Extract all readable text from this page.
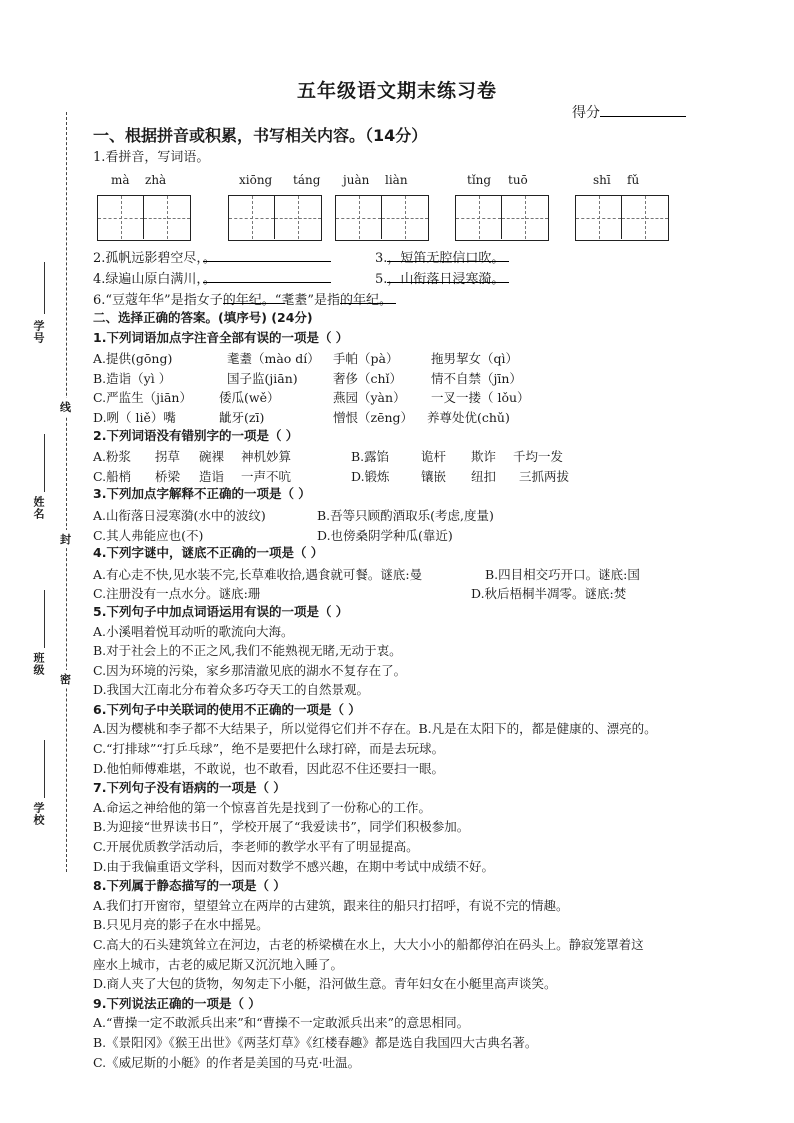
线
封
密
学号
姓名
班级
学校
五年级语文期末练习卷
得分
一、根据拼音或积累，书写相关内容。（14分）
1.看拼音，写词语。
mà zhà	xiōng táng juàn liàn	tǐng tuō	shī fǔ
2.孤帆远影碧空尽，
。	3.
，短笛无腔信口吹。
4.绿遍山原白满川，
。	5.
，山衔落日浸寒漪。
6.“豆蔻年华”是指女子
的年纪。“耄耋”是指
的年纪。
二、选择正确的答案。(填序号) (24分)
1.下列词语加点字注音全部有误的一项是（ ）
A.提供(gōng)	耄耋（mào dí） 手帕（pà）	拖男挈女（qì）
B.造诣（yì ）	国子监(jiān)	奢侈（chǐ） 情不自禁（jīn）
C.严监生（jiān） 倭瓜(wě）	燕园（yàn） 一叉一搂（ lǒu）
D.咧（ liě）嘴	龇牙(zī)	憎恨（zēng） 养尊处优(chǔ)
2.下列词语没有错别字的一项是（ ）
A.粉浆 拐草 碗裸 神机妙算	B.露馅	诡杆 欺诈 千均一发
C.船梢 桥梁 造诣 一声不吭	D.锻炼	镶嵌 纽扣 三抓两拔
3.下列加点字解释不正确的一项是（ ）
A.山衔落日浸寒漪(水中的波纹)	B.吾等只顾酌酒取乐(考虑,度量)
C.其人弗能应也(不)	D.也傍桑阴学种瓜(靠近)
4.下列字谜中，谜底不正确的一项是（ ）
A.有心走不快,见水装不完,长草难收拾,遇食就可餐。谜底:曼	B.四目相交巧开口。谜底:国
C.注册没有一点水分。谜底:珊	D.秋后梧桐半凋零。谜底:焚
5.下列句子中加点词语运用有误的一项是（ ）
A.小溪唱着悦耳动听的歌流向大海。
B.对于社会上的不正之风,我们不能熟视无睹,无动于衷。
C.因为环境的污染，家乡那清澈见底的湖水不复存在了。
D.我国大江南北分布着众多巧夺天工的自然景观。
6.下列句子中关联词的使用不正确的一项是（ ）
A.因为樱桃和李子都不大结果子，所以觉得它们并不存在。B.凡是在太阳下的，都是健康的、漂亮的。
C.“打排球”“打乒乓球”，绝不是要把什么球打碎，而是去玩球。
D.他怕师傅难堪，不敢说，也不敢看，因此忍不住还要扫一眼。
7.下列句子没有语病的一项是（ ）
A.命运之神给他的第一个惊喜首先是找到了一份称心的工作。
B.为迎接“世界读书日”，学校开展了“我爱读书”，同学们积极参加。
C.开展优质教学活动后，李老师的教学水平有了明显提高。
D.由于我偏重语文学科，因而对数学不感兴趣，在期中考试中成绩不好。
8.下列属于静态描写的一项是（ ）
A.我们打开窗帘，望望耸立在两岸的古建筑，跟来往的船只打招呼，有说不完的情趣。
B.只见月亮的影子在水中摇晃。
C.高大的石头建筑耸立在河边，古老的桥梁横在水上，大大小小的船都停泊在码头上。静寂笼罩着这
座水上城市，古老的威尼斯又沉沉地入睡了。
D.商人夹了大包的货物，匆匆走下小艇，沿河做生意。青年妇女在小艇里高声谈笑。
9.下列说法正确的一项是（ ）
A.“曹操一定不敢派兵出来”和“曹操不一定敢派兵出来”的意思相同。
B.《景阳冈》《猴王出世》《两茎灯草》《红楼春趣》都是选自我国四大古典名著。
C.《威尼斯的小艇》的作者是美国的马克·吐温。
